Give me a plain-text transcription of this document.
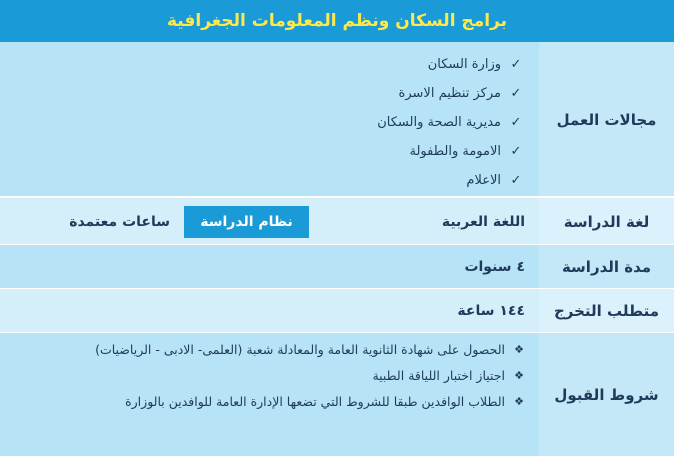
برامج السكان ونظم المعلومات الجغرافية
مجالات العمل
✓
وزارة السكان
✓
مركز تنظيم الاسرة
✓
مديرية الصحة والسكان
✓
الامومة والطفولة
✓
الاعلام
لغة الدراسة
اللغة العربية
نظام الدراسة
ساعات معتمدة
مدة الدراسة
٤ سنوات
متطلب التخرج
١٤٤ ساعة
شروط القبول
❖
الحصول على شهادة الثانوية العامة والمعادلة شعبة (العلمى- الادبى - الرياضيات)
❖
اجتياز اختبار اللياقة الطبية
❖
الطلاب الوافدين طبقا للشروط التي تضعها الإدارة العامة للوافدين بالوزارة
